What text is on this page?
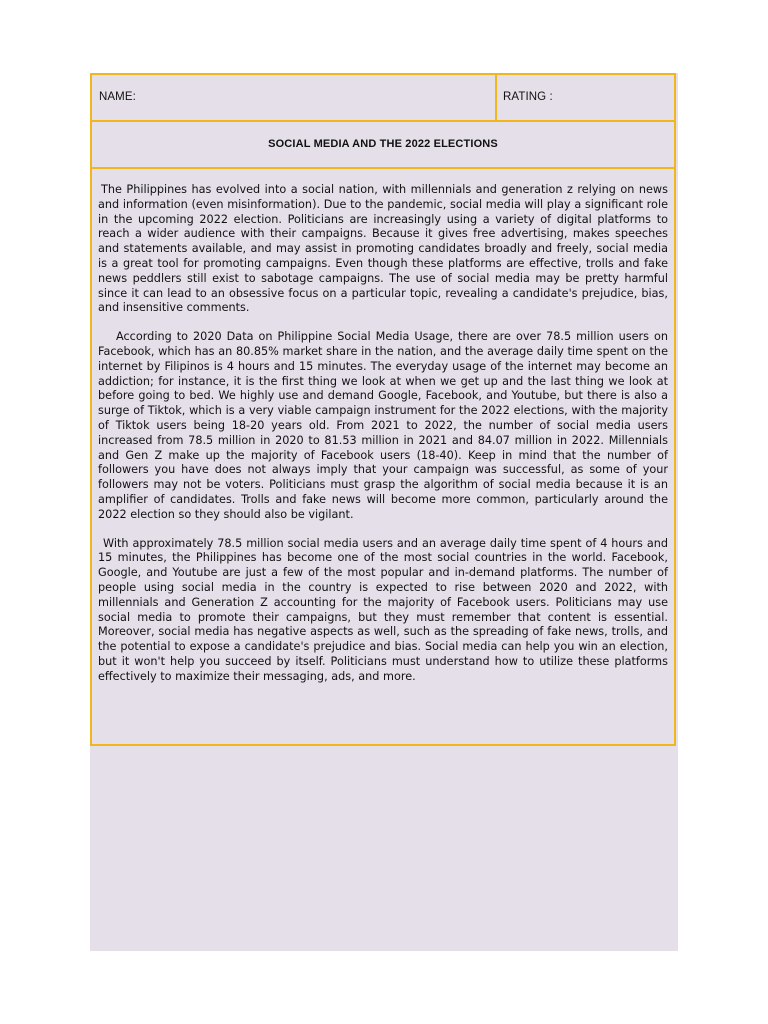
NAME:	RATING :
SOCIAL MEDIA AND THE 2022 ELECTIONS

The Philippines has evolved into a social nation, with millennials and generation z relying on news and information (even misinformation). Due to the pandemic, social media will play a significant role in the upcoming 2022 election. Politicians are increasingly using a variety of digital platforms to reach a wider audience with their campaigns. Because it gives free advertising, makes speeches and statements available, and may assist in promoting candidates broadly and freely, social media is a great tool for promoting campaigns. Even though these platforms are effective, trolls and fake news peddlers still exist to sabotage campaigns. The use of social media may be pretty harmful since it can lead to an obsessive focus on a particular topic, revealing a candidate's prejudice, bias, and insensitive comments.

According to 2020 Data on Philippine Social Media Usage, there are over 78.5 million users on Facebook, which has an 80.85% market share in the nation, and the average daily time spent on the internet by Filipinos is 4 hours and 15 minutes. The everyday usage of the internet may become an addiction; for instance, it is the first thing we look at when we get up and the last thing we look at before going to bed. We highly use and demand Google, Facebook, and Youtube, but there is also a surge of Tiktok, which is a very viable campaign instrument for the 2022 elections, with the majority of Tiktok users being 18-20 years old. From 2021 to 2022, the number of social media users increased from 78.5 million in 2020 to 81.53 million in 2021 and 84.07 million in 2022. Millennials and Gen Z make up the majority of Facebook users (18-40). Keep in mind that the number of followers you have does not always imply that your campaign was successful, as some of your followers may not be voters. Politicians must grasp the algorithm of social media because it is an amplifier of candidates. Trolls and fake news will become more common, particularly around the 2022 election so they should also be vigilant.

With approximately 78.5 million social media users and an average daily time spent of 4 hours and 15 minutes, the Philippines has become one of the most social countries in the world. Facebook, Google, and Youtube are just a few of the most popular and in-demand platforms. The number of people using social media in the country is expected to rise between 2020 and 2022, with millennials and Generation Z accounting for the majority of Facebook users. Politicians may use social media to promote their campaigns, but they must remember that content is essential. Moreover, social media has negative aspects as well, such as the spreading of fake news, trolls, and the potential to expose a candidate's prejudice and bias. Social media can help you win an election, but it won't help you succeed by itself. Politicians must understand how to utilize these platforms effectively to maximize their messaging, ads, and more.
